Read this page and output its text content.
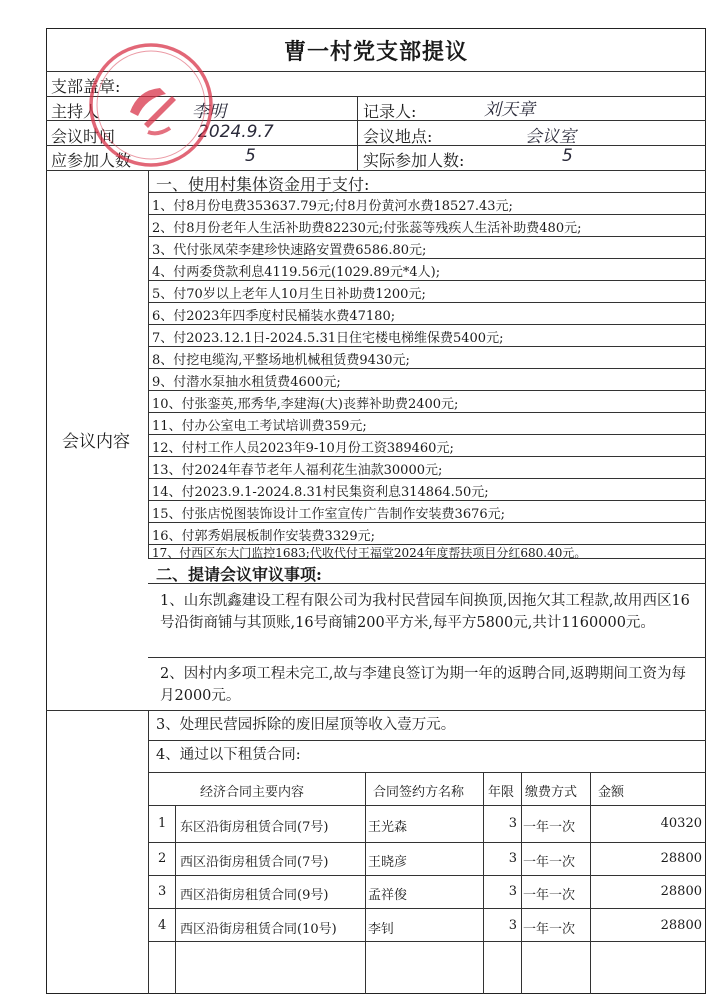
曹一村党支部提议
支部盖章:
主持人	李明	记录人:	刘天章
会议时间	2024.9.7	会议地点:	会议室
应参加人数	5	实际参加人数:	5
一、使用村集体资金用于支付:
会议内容
1、付8月份电费353637.79元;付8月份黄河水费18527.43元;
2、付8月份老年人生活补助费82230元;付张蕊等残疾人生活补助费480元;
3、代付张凤荣李建珍快速路安置费6586.80元;
4、付两委贷款利息4119.56元(1029.89元*4人);
5、付70岁以上老年人10月生日补助费1200元;
6、付2023年四季度村民桶装水费47180;
7、付2023.12.1日-2024.5.31日住宅楼电梯维保费5400元;
8、付挖电缆沟,平整场地机械租赁费9430元;
9、付潜水泵抽水租赁费4600元;
10、付张銮英,邢秀华,李建海(大)丧葬补助费2400元;
11、付办公室电工考试培训费359元;
12、付村工作人员2023年9-10月份工资389460元;
13、付2024年春节老年人福利花生油款30000元;
14、付2023.9.1-2024.8.31村民集资利息314864.50元;
15、付张店悦图装饰设计工作室宣传广告制作安装费3676元;
16、付郭秀娟展板制作安装费3329元;
17、付西区东大门监控1683;代收代付王福堂2024年度帮扶项目分红680.40元。
二、提请会议审议事项:
1、山东凯鑫建设工程有限公司为我村民营园车间换顶,因拖欠其工程款,故用西区16号沿街商铺与其顶账,16号商铺200平方米,每平方5800元,共计1160000元。
2、因村内多项工程未完工,故与李建良签订为期一年的返聘合同,返聘期间工资为每月2000元。
3、处理民营园拆除的废旧屋顶等收入壹万元。
4、通过以下租赁合同:
经济合同主要内容	合同签约方名称 年限 缴费方式 金额
1 东区沿街房租赁合同(7号)	王光森	3 一年一次	40320
2 西区沿街房租赁合同(7号)	王晓彦	3 一年一次	28800
3 西区沿街房租赁合同(9号)	孟祥俊	3 一年一次	28800
4 西区沿街房租赁合同(10号) 李钊	3 一年一次	28800
